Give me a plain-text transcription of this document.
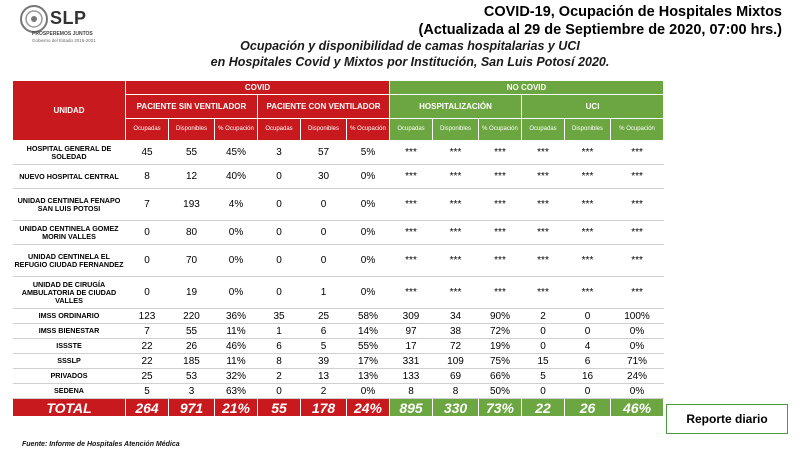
SLP
PROSPEREMOS JUNTOS
Gobierno del Estado 2015-2021
COVID-19, Ocupación de Hospitales Mixtos
(Actualizada al 29 de Septiembre de 2020, 07:00 hrs.)
Ocupación y disponibilidad de camas hospitalarias y UCI
en Hospitales Covid y Mixtos por Institución, San Luis Potosí 2020.
UNIDAD	COVID						NO COVID					
	PACIENTE SIN VENTILADOR			PACIENTE CON VENTILADOR			HOSPITALIZACIÓN			UCI		
	Ocupadas	Disponibles	% Ocupación	Ocupadas	Disponibles	% Ocupación	Ocupadas	Disponibles	% Ocupación	Ocupadas	Disponibles	% Ocupación
HOSPITAL GENERAL DE SOLEDAD	45	55	45%	3	57	5%	***	***	***	***	***	***
NUEVO HOSPITAL CENTRAL	8	12	40%	0	30	0%	***	***	***	***	***	***
UNIDAD CENTINELA FENAPO SAN LUIS POTOSI	7	193	4%	0	0	0%	***	***	***	***	***	***
UNIDAD CENTINELA GOMEZ MORIN VALLES	0	80	0%	0	0	0%	***	***	***	***	***	***
UNIDAD CENTINELA EL REFUGIO CIUDAD FERNANDEZ	0	70	0%	0	0	0%	***	***	***	***	***	***
UNIDAD DE CIRUGÍA AMBULATORIA DE CIUDAD VALLES	0	19	0%	0	1	0%	***	***	***	***	***	***
IMSS ORDINARIO	123	220	36%	35	25	58%	309	34	90%	2	0	100%
IMSS BIENESTAR	7	55	11%	1	6	14%	97	38	72%	0	0	0%
ISSSTE	22	26	46%	6	5	55%	17	72	19%	0	4	0%
SSSLP	22	185	11%	8	39	17%	331	109	75%	15	6	71%
PRIVADOS	25	53	32%	2	13	13%	133	69	66%	5	16	24%
SEDENA	5	3	63%	0	2	0%	8	8	50%	0	0	0%
TOTAL	264	971	21%	55	178	24%	895	330	73%	22	26	46%
Reporte diario
Fuente: Informe de Hospitales Atención Médica
